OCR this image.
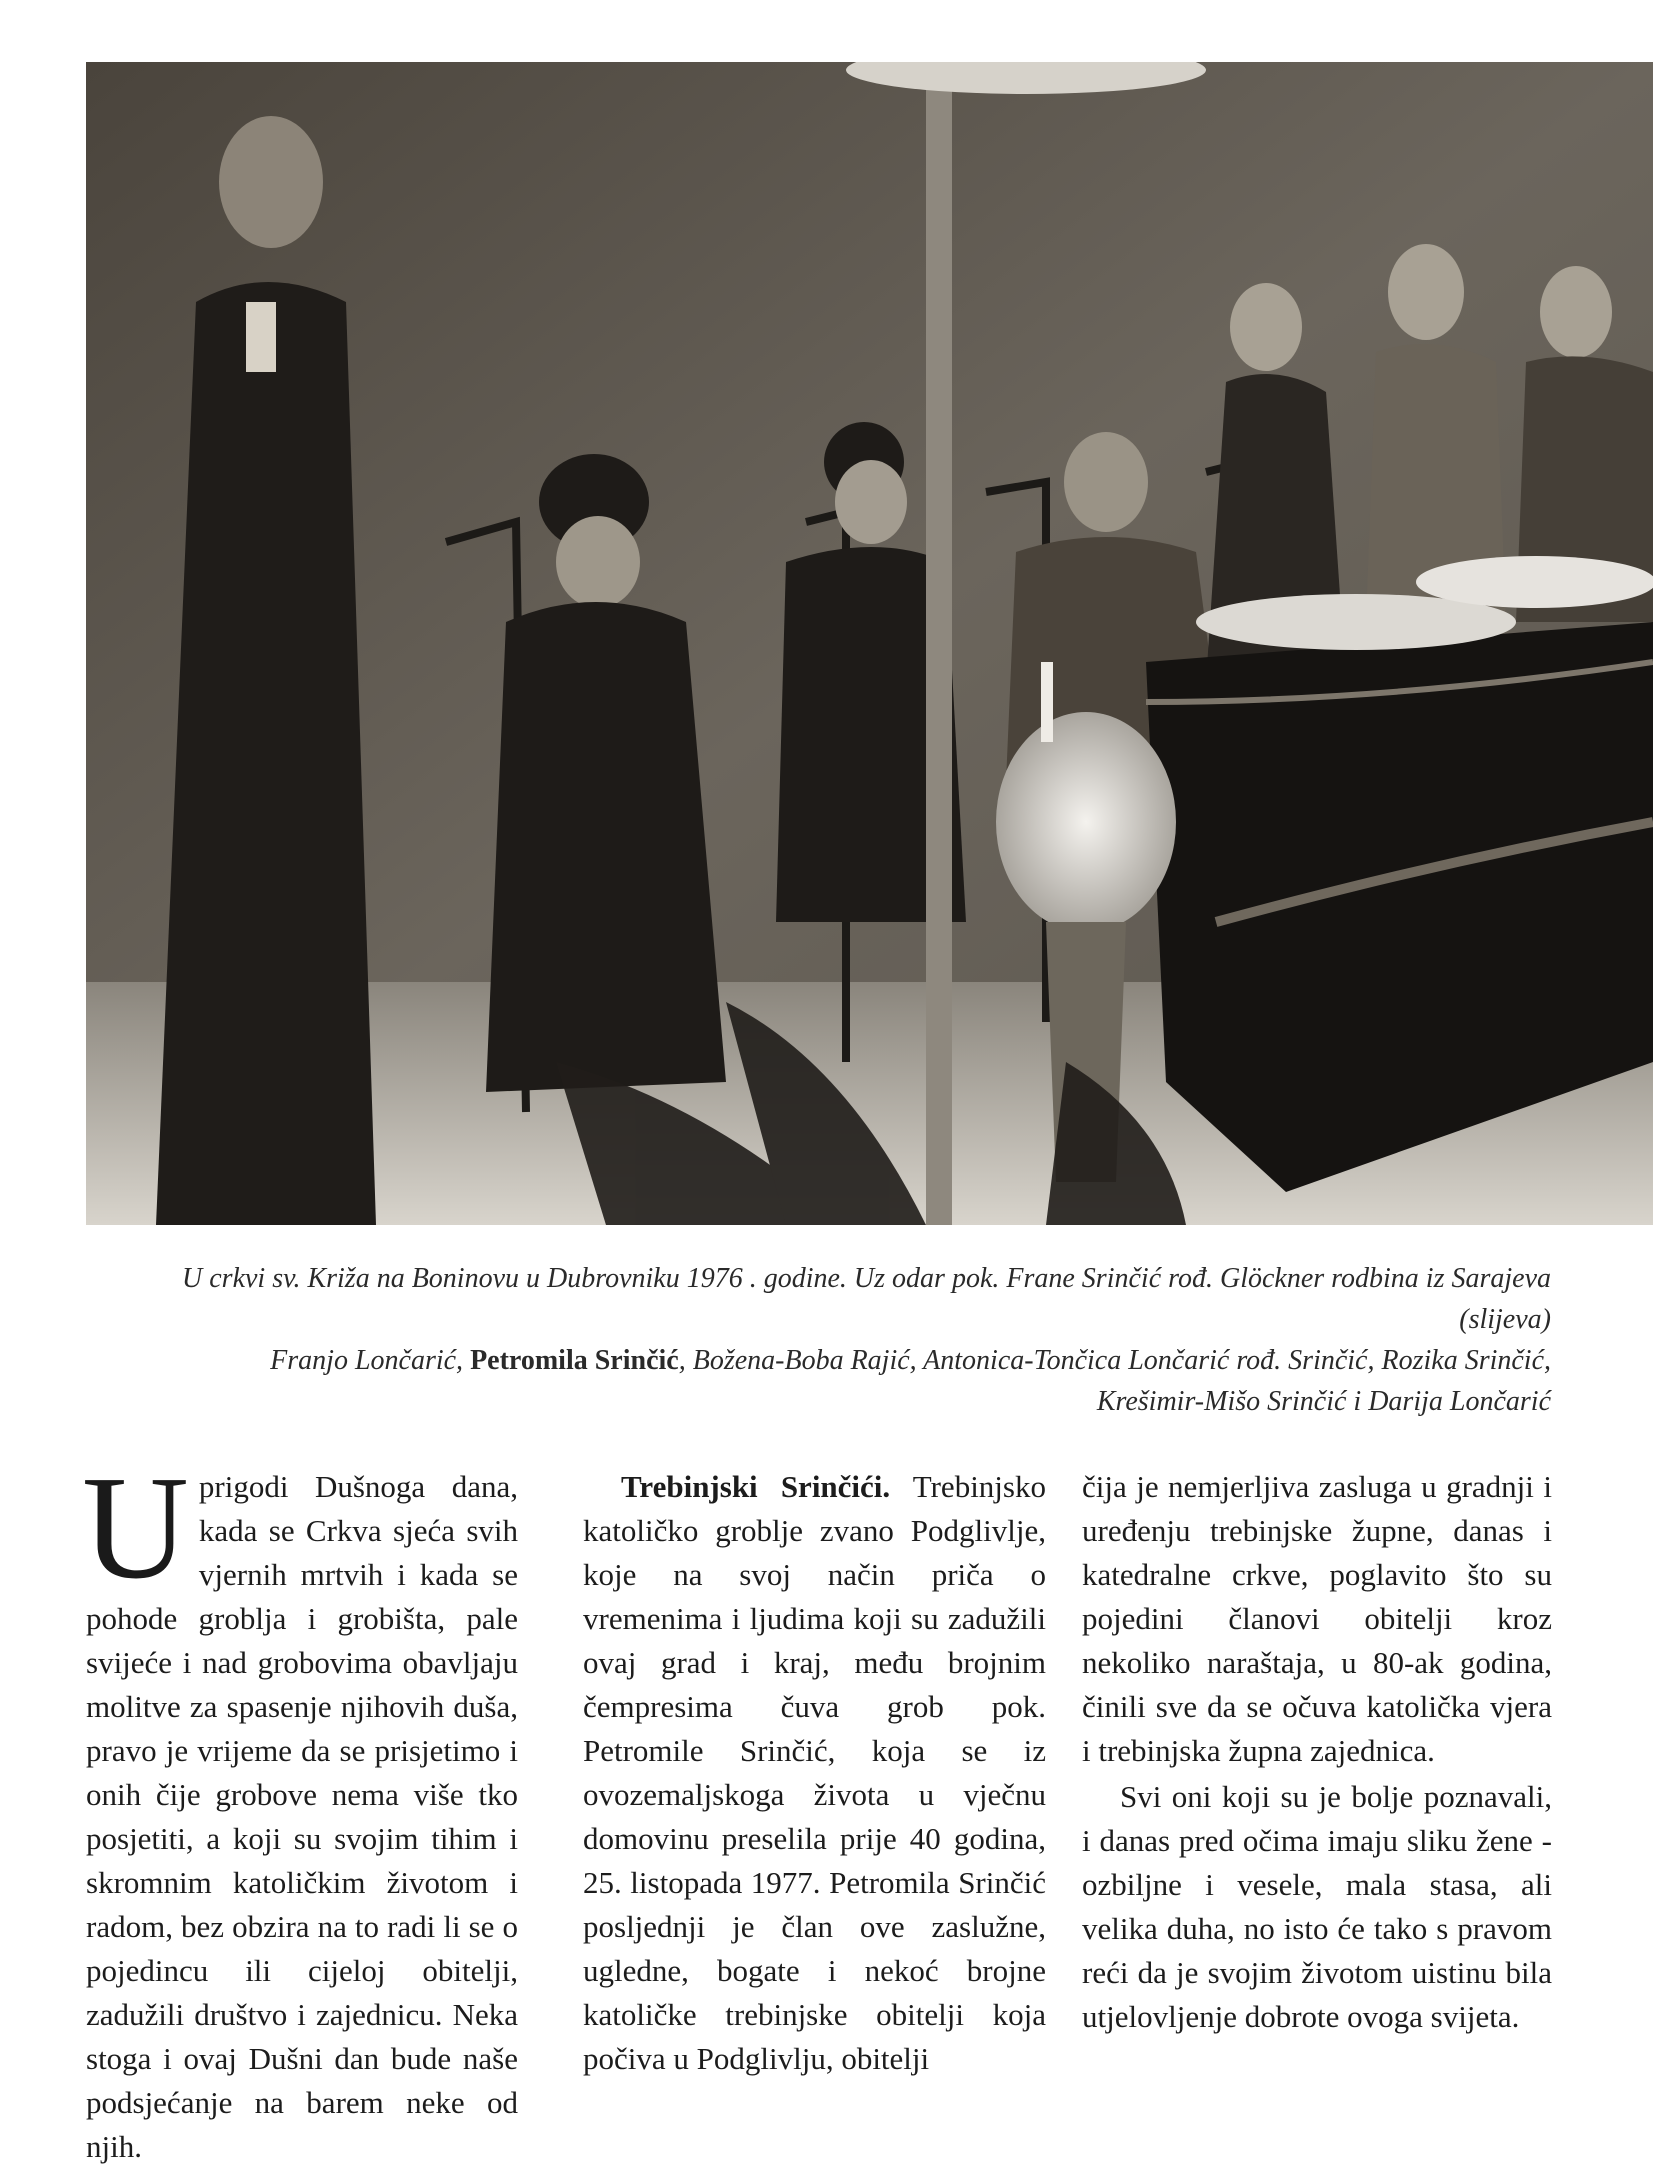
U crkvi sv. Križa na Boninovu u Dubrovniku 1976 . godine. Uz odar pok. Frane Srinčić rođ. Glöckner rodbina iz Sarajeva (slijeva)
Franjo Lončarić, Petromila Srinčić, Božena-Boba Rajić, Antonica-Tončica Lončarić rođ. Srinčić, Rozika Srinčić,
Krešimir-Mišo Srinčić i Darija Lončarić

U prigodi Dušnoga dana, kada se Crkva sjeća svih vjernih mrtvih i kada se pohode groblja i grobišta, pale svijeće i nad grobovima obavljaju molitve za spasenje njihovih duša, pravo je vrijeme da se prisjetimo i onih čije grobove nema više tko posjetiti, a koji su svojim tihim i skromnim katoličkim životom i radom, bez obzira na to radi li se o pojedincu ili cijeloj obitelji, zadužili društvo i zajednicu. Neka stoga i ovaj Dušni dan bude naše podsjećanje na barem neke od njih.

Trebinjski Srinčići. Trebinjsko katoličko groblje zvano Podglivlje, koje na svoj način priča o vremenima i ljudima koji su zadužili ovaj grad i kraj, među brojnim čempresima čuva grob pok. Petromile Srinčić, koja se iz ovozemaljskoga života u vječnu domovinu preselila prije 40 godina, 25. listopada 1977. Petromila Srinčić posljednji je član ove zaslužne, ugledne, bogate i nekoć brojne katoličke trebinjske obitelji koja počiva u Podglivlju, obitelji

čija je nemjerljiva zasluga u gradnji i uređenju trebinjske župne, danas i katedralne crkve, poglavito što su pojedini članovi obitelji kroz nekoliko naraštaja, u 80-ak godina, činili sve da se očuva katolička vjera i trebinjska župna zajednica.

Svi oni koji su je bolje poznavali, i danas pred očima imaju sliku žene - ozbiljne i vesele, mala stasa, ali velika duha, no isto će tako s pravom reći da je svojim životom uistinu bila utjelovljenje dobrote ovoga svijeta.
